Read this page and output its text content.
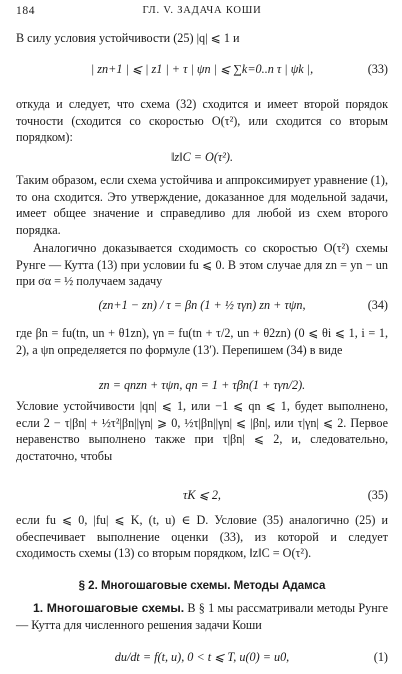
184	ГЛ. V. ЗАДАЧА КОШИ
В силу условия устойчивости (25) |q| ⩽ 1 и
| zn+1 | ⩽ | z1 | + τ | ψn | ⩽ ∑k=0..n τ | ψk |,	(33)
откуда и следует, что схема (32) сходится и имеет второй порядок точности (сходится со скоростью O(τ²), или сходится со вторым порядком):
‖z‖C = O(τ²).
Таким образом, если схема устойчива и аппроксимирует уравнение (1), то она сходится. Это утверждение, доказанное для модельной задачи, имеет общее значение и справедливо для любой из схем второго порядка.
Аналогично доказывается сходимость со скоростью O(τ²) схемы Рунге — Кутта (13) при условии fu ⩽ 0. В этом случае для zn = yn − un при σα = ½ получаем задачу
(zn+1 − zn) / τ = βn (1 + ½ τγn) zn + τψn,	(34)
где βn = fu(tn, un + θ1zn), γn = fu(tn + τ/2, un + θ2zn) (0 ⩽ θi ⩽ 1, i = 1, 2), а ψn определяется по формуле (13′). Перепишем (34) в виде
zn = qnzn + τψn, qn = 1 + τβn(1 + τγn/2).
Условие устойчивости |qn| ⩽ 1, или −1 ⩽ qn ⩽ 1, будет выполнено, если 2 − τ|βn| + ½τ²|βn||γn| ⩾ 0, ½τ|βn||γn| ⩽ |βn|, или τ|γn| ⩽ 2. Первое неравенство выполнено также при τ|βn| ⩽ 2, и, следовательно, достаточно, чтобы
τK ⩽ 2,	(35)
если fu ⩽ 0, |fu| ⩽ K, (t, u) ∈ D. Условие (35) аналогично (25) и обеспечивает выполнение оценки (33), из которой и следует сходимость схемы (13) со вторым порядком, ‖z‖C = O(τ²).
§ 2. Многошаговые схемы. Методы Адамса
1. Многошаговые схемы. В § 1 мы рассматривали методы Рунге — Кутта для численного решения задачи Коши
du/dt = f(t, u), 0 < t ⩽ T, u(0) = u0,	(1)
